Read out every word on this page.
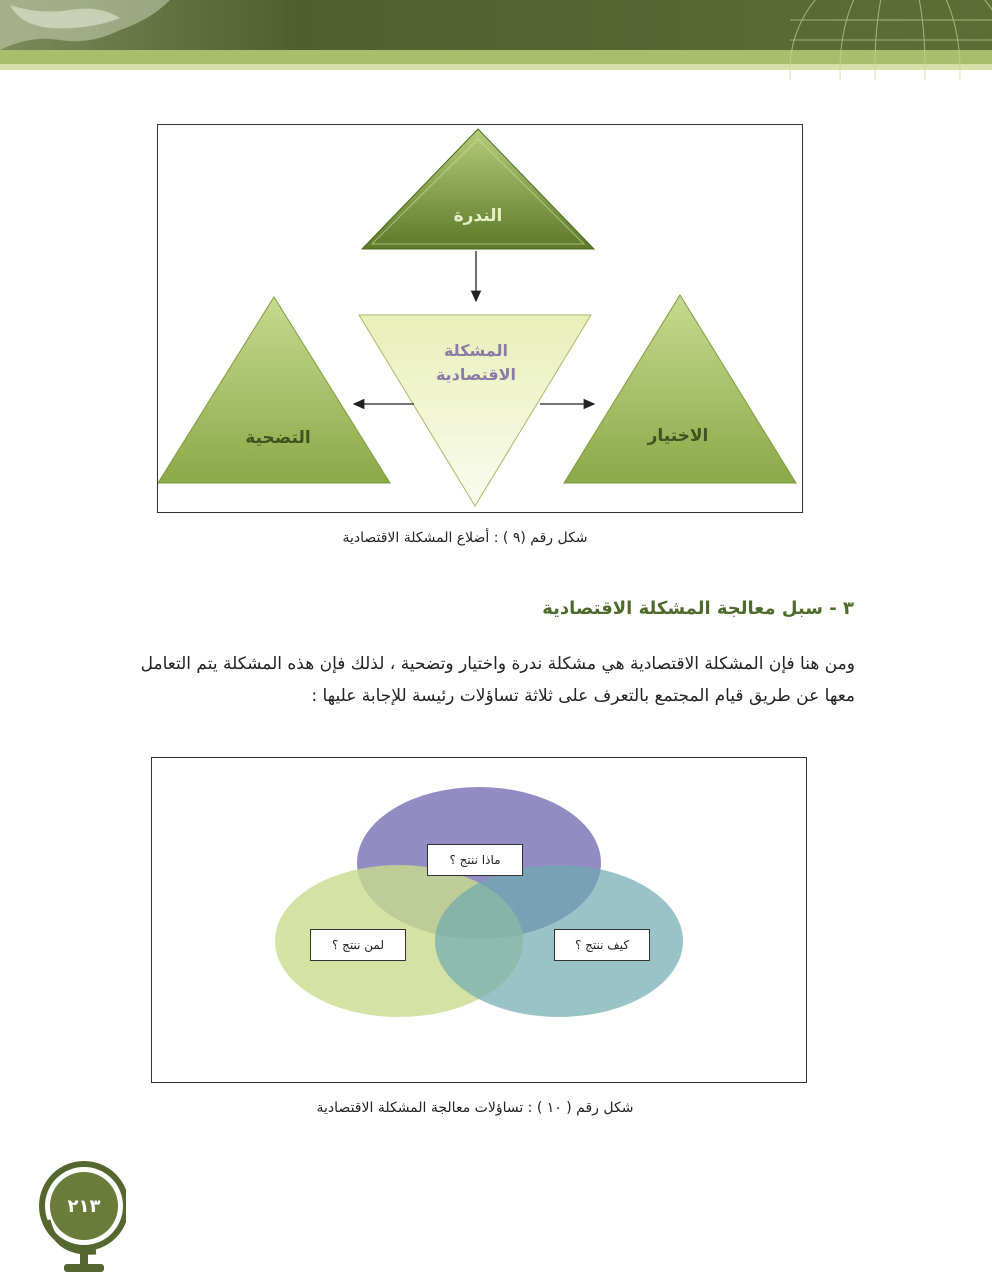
الندرة
المشكلة
الاقتصادية
التضحية	الاختيار
شكل رقم (٩ ) : أضلاع المشكلة الاقتصادية
٣ - سبل معالجة المشكلة الاقتصادية
ومن هنا فإن المشكلة الاقتصادية هي مشكلة ندرة واختيار وتضحية ، لذلك فإن هذه المشكلة يتم التعامل
معها عن طريق قيام المجتمع بالتعرف على ثلاثة تساؤلات رئيسة للإجابة عليها :
ماذا ننتج ؟
لمن ننتج ؟	كيف ننتج ؟
شكل رقم ( ١٠ ) : تساؤلات معالجة المشكلة الاقتصادية
٢١٣
